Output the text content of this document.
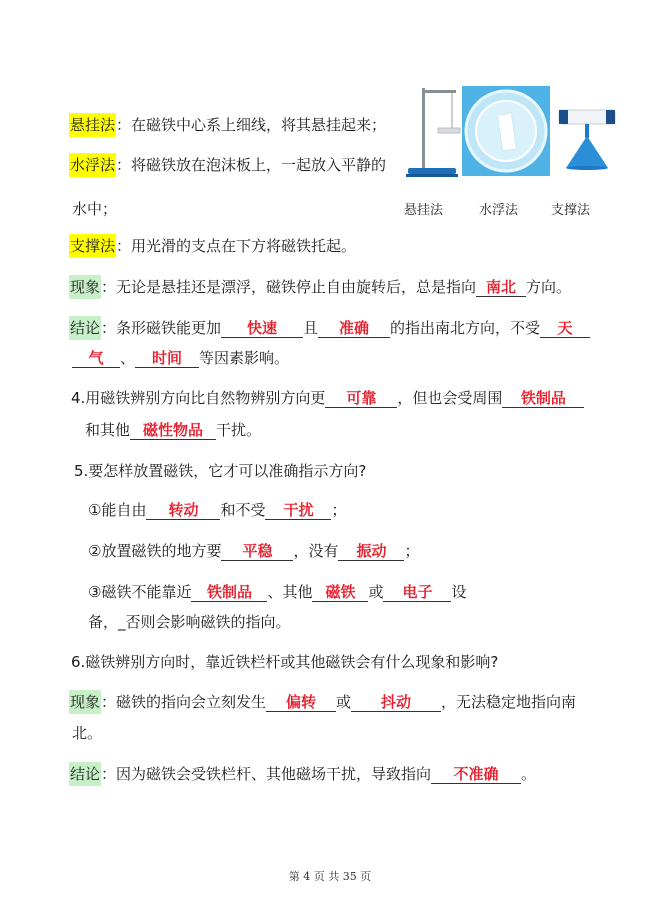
悬挂法：在磁铁中心系上细线，将其悬挂起来；
水浮法：将磁铁放在泡沫板上，一起放入平静的
水中；
支撑法：用光滑的支点在下方将磁铁托起。
悬挂法	水浮法	支撑法
现象：无论是悬挂还是漂浮，磁铁停止自由旋转后，总是指向 南北 方向。
结论：条形磁铁能更加 快速 且 准确 的指出南北方向，不受 天
气 、 时间 等因素影响。
4.用磁铁辨别方向比自然物辨别方向更 可靠 ，但也会受周围 铁制品
和其他 磁性物品 干扰。
5.要怎样放置磁铁，它才可以准确指示方向?
①能自由 转动 和不受 干扰 ；
②放置磁铁的地方要 平稳 ，没有 振动 ；
③磁铁不能靠近 铁制品 、其他 磁铁 或 电子 设
备，_否则会影响磁铁的指向。
6.磁铁辨别方向时，靠近铁栏杆或其他磁铁会有什么现象和影响?
现象：磁铁的指向会立刻发生 偏转 或 抖动 ，无法稳定地指向南
北。
结论：因为磁铁会受铁栏杆、其他磁场干扰，导致指向 不准确 。
第 4 页 共 35 页
